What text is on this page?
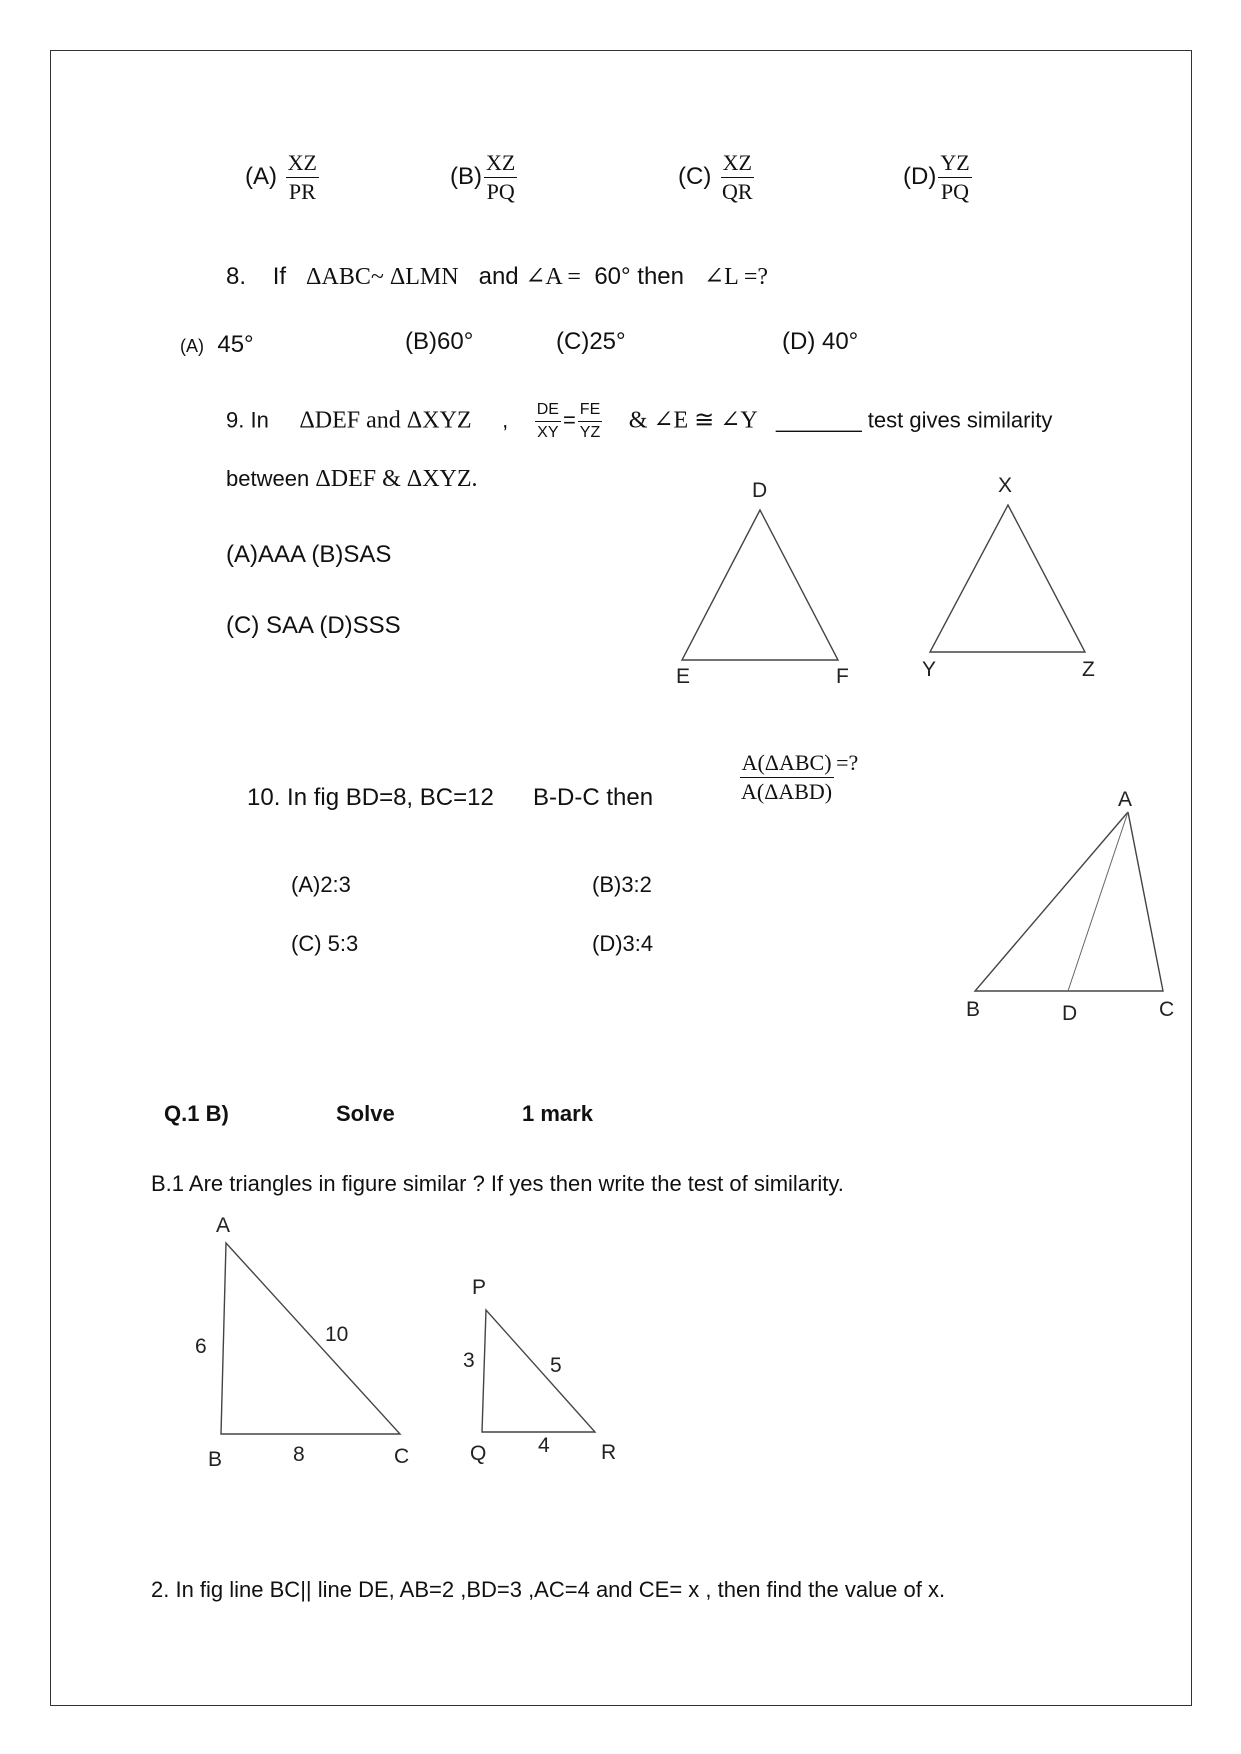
$(A) \frac{XZ}{PR}$	$(B) \frac{XZ}{PQ}$	$(C) \frac{XZ}{QR}$	$(D) \frac{YZ}{PQ}$
8. If ΔABC~ ΔLMN and ∠A = 60° then ∠L =?
(A) 45°	(B)60°	(C)25°	(D) 40°
9. In ΔDEF and ΔXYZ , $\frac{DE}{XY} = \frac{FE}{YZ}$ & ∠E ≅ ∠Y _______ test gives similarity
between ΔDEF & ΔXYZ.
(A)AAA (B)SAS
(C) SAA (D)SSS
D
E	F
X
Y	Z
10. In fig BD=8, BC=12 B-D-C then	$\frac{\text{A(ΔABC)}}{\text{A(ΔABD)}}$ =?
(A)2:3	(B)3:2
(C) 5:3	(D)3:4
A
B	D	C
Q.1 B)	Solve	1 mark
B.1 Are triangles in figure similar ? If yes then write the test of similarity.
A
B	C
6
10
8
P
Q	R
3	5
4
2. In fig line BC|| line DE, AB=2 ,BD=3 ,AC=4 and CE= x , then find the value of x.
